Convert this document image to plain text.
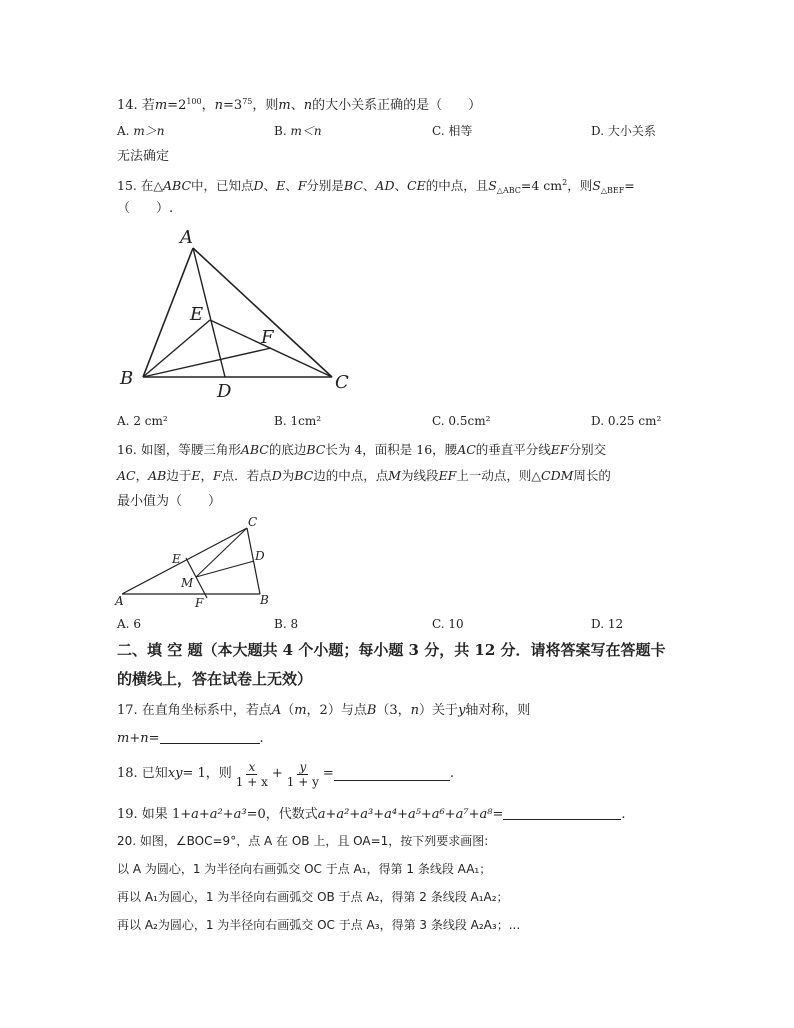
14. 若$m=2^{100}$，$n=3^{75}$，则m、n的大小关系正确的是（　　）
A. m＞n	B. m＜n	C. 相等	D. 大小关系
无法确定
15. 在△ABC中，已知点D、E、F分别是BC、AD、CE的中点，且$S_{\triangle ABC}=4$ $cm^2$，则$S_{\triangle BEF}=$
（　　）.
A
B	C
D
E
F
A. 2 cm²	B. 1cm²	C. 0.5cm²	D. 0.25 cm²
16. 如图，等腰三角形ABC的底边BC长为 4，面积是 16，腰AC的垂直平分线EF分别交
AC，AB边于E，F点．若点D为BC边的中点，点M为线段EF上一动点，则△CDM周长的
最小值为（　　）
A	B
C
D
E
F
M
A. 6	B. 8	C. 10	D. 12
二、填 空 题（本大题共 4 个小题；每小题 3 分，共 12 分．请将答案写在答题卡
的横线上，答在试卷上无效）
17. 在直角坐标系中，若点A（m，2）与点B（3，n）关于y轴对称，则
m+n=	.
18. 已知 xy = 1，则 $\frac{x}{1 + x} + \frac{y}{1 + y}$ =	.
19. 如果 1+a+a²+a³=0，代数式a+a²+a³+a⁴+a⁵+a⁶+a⁷+a⁸=	.
20. 如图，∠BOC=9°，点 A 在 OB 上，且 OA=1，按下列要求画图:
以 A 为圆心，1 为半径向右画弧交 OC 于点 A₁，得第 1 条线段 AA₁；
再以 A₁为圆心，1 为半径向右画弧交 OB 于点 A₂，得第 2 条线段 A₁A₂；
再以 A₂为圆心，1 为半径向右画弧交 OC 于点 A₃，得第 3 条线段 A₂A₃；...
